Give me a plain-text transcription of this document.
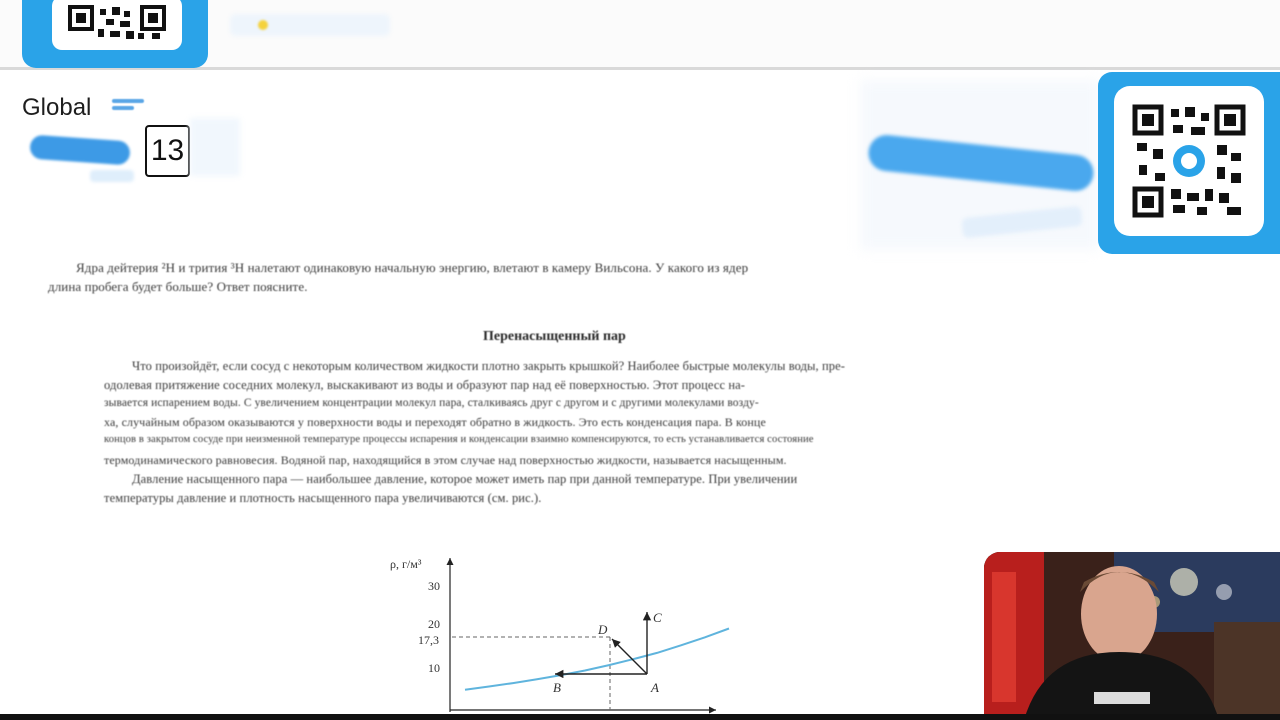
Global
13
Ядра дейтерия ²H и трития ³H налетают одинаковую начальную энергию, влетают в камеру Вильсона. У какого из ядер
длина пробега будет больше? Ответ поясните.
Перенасыщенный пар
Что произойдёт, если сосуд с некоторым количеством жидкости плотно закрыть крышкой? Наиболее быстрые молекулы воды, пре-
одолевая притяжение соседних молекул, выскакивают из воды и образуют пар над её поверхностью. Этот процесс на-
зывается испарением воды. С увеличением концентрации молекул пара, сталкиваясь друг с другом и с другими молекулами возду-
ха, случайным образом оказываются у поверхности воды и переходят обратно в жидкость. Это есть конденсация пара. В конце
концов в закрытом сосуде при неизменной температуре процессы испарения и конденсации взаимно компенсируются, то есть устанавливается состояние
термодинамического равновесия. Водяной пар, находящийся в этом случае над поверхностью жидкости, называется насыщенным.
Давление насыщенного пара — наибольшее давление, которое может иметь пар при данной температуре. При увеличении
температуры давление и плотность насыщенного пара увеличиваются (см. рис.).
ρ, г/м³
30
20
17,3
10
D
C
B	A
